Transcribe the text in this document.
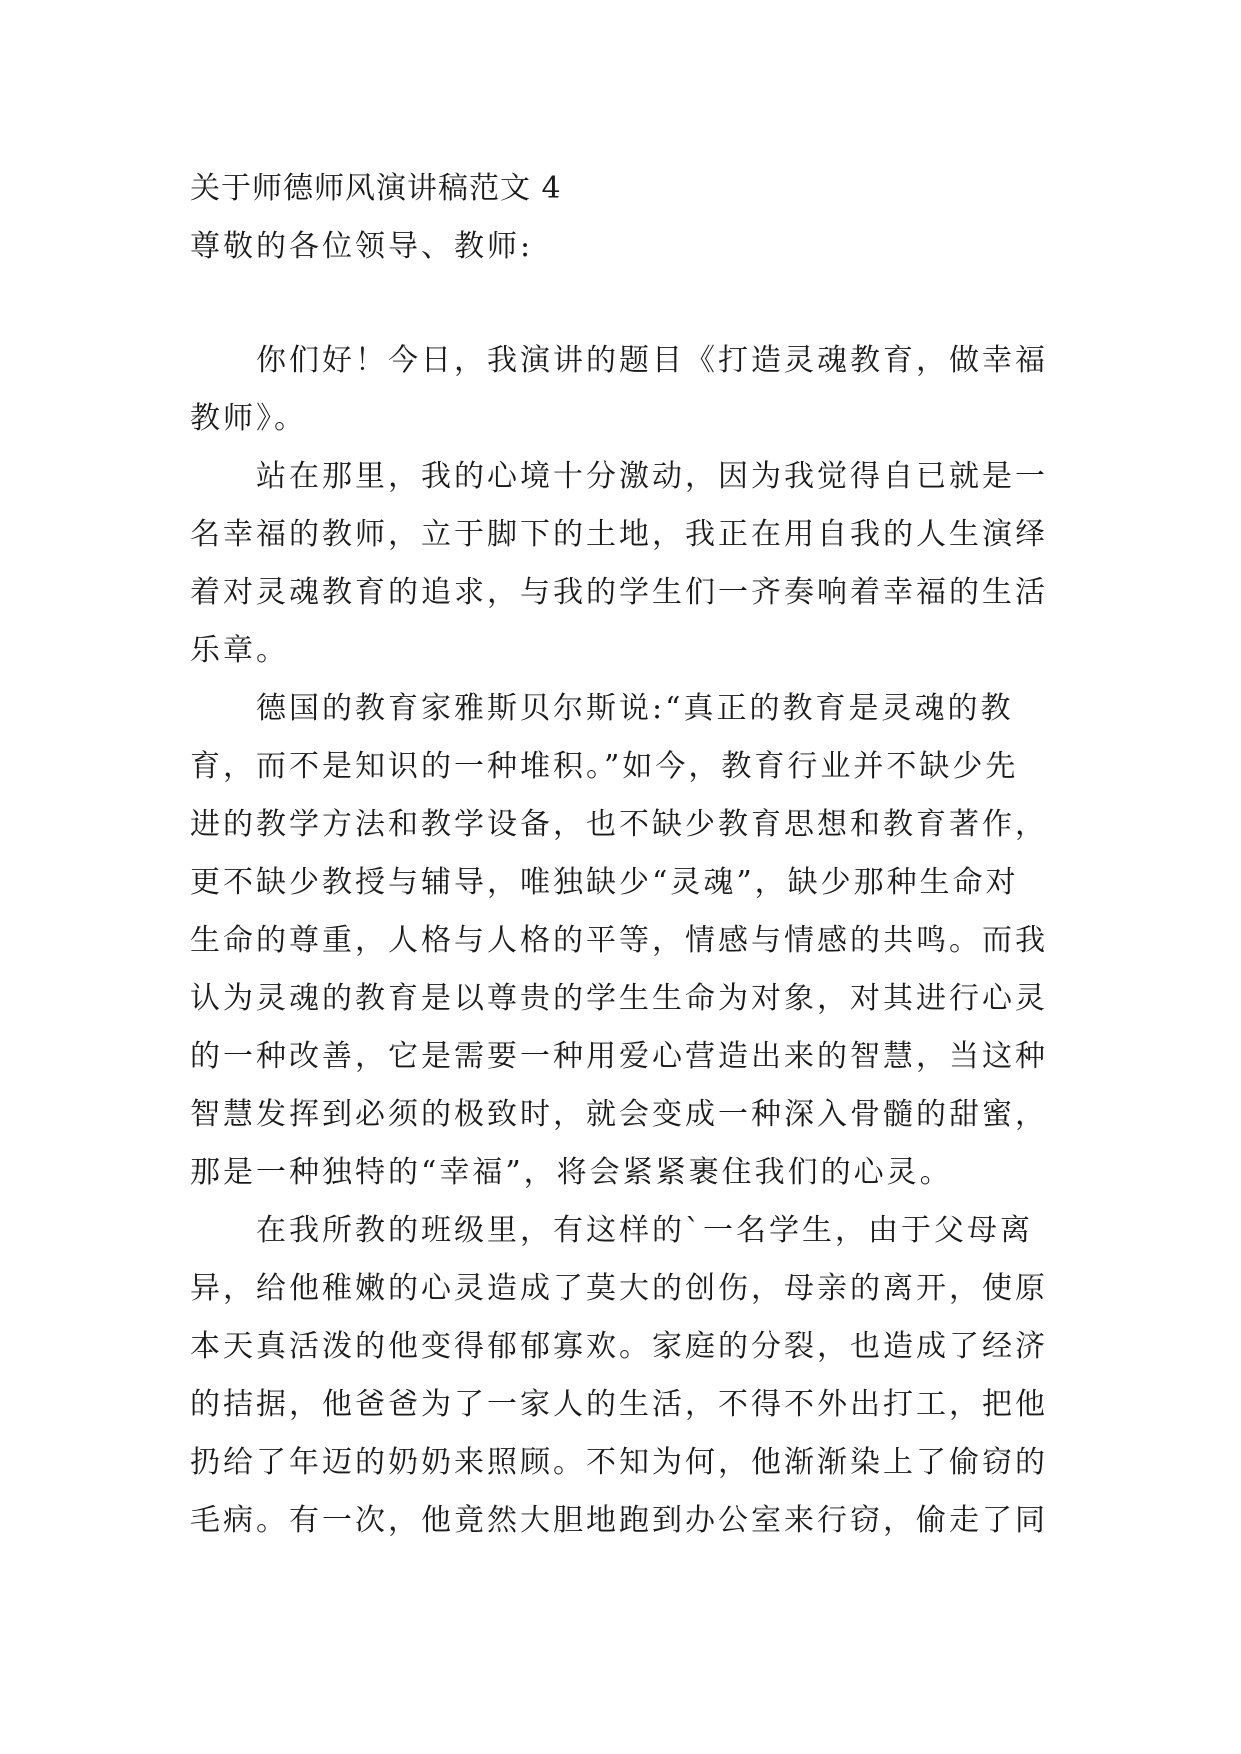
关于师德师风演讲稿范文 4
尊敬的各位领导、教师:
你们好！今日，我演讲的题目《打造灵魂教育，做幸福
教师》。
站在那里，我的心境十分激动，因为我觉得自已就是一
名幸福的教师，立于脚下的土地，我正在用自我的人生演绎
着对灵魂教育的追求，与我的学生们一齐奏响着幸福的生活
乐章。
德国的教育家雅斯贝尔斯说:“真正的教育是灵魂的教
育，而不是知识的一种堆积。”如今，教育行业并不缺少先
进的教学方法和教学设备，也不缺少教育思想和教育著作，
更不缺少教授与辅导，唯独缺少“灵魂”，缺少那种生命对
生命的尊重，人格与人格的平等，情感与情感的共鸣。而我
认为灵魂的教育是以尊贵的学生生命为对象，对其进行心灵
的一种改善，它是需要一种用爱心营造出来的智慧，当这种
智慧发挥到必须的极致时，就会变成一种深入骨髓的甜蜜，
那是一种独特的“幸福”，将会紧紧裹住我们的心灵。
在我所教的班级里，有这样的`一名学生，由于父母离
异，给他稚嫩的心灵造成了莫大的创伤，母亲的离开，使原
本天真活泼的他变得郁郁寡欢。家庭的分裂，也造成了经济
的拮据，他爸爸为了一家人的生活，不得不外出打工，把他
扔给了年迈的奶奶来照顾。不知为何，他渐渐染上了偷窃的
毛病。有一次，他竟然大胆地跑到办公室来行窃，偷走了同
